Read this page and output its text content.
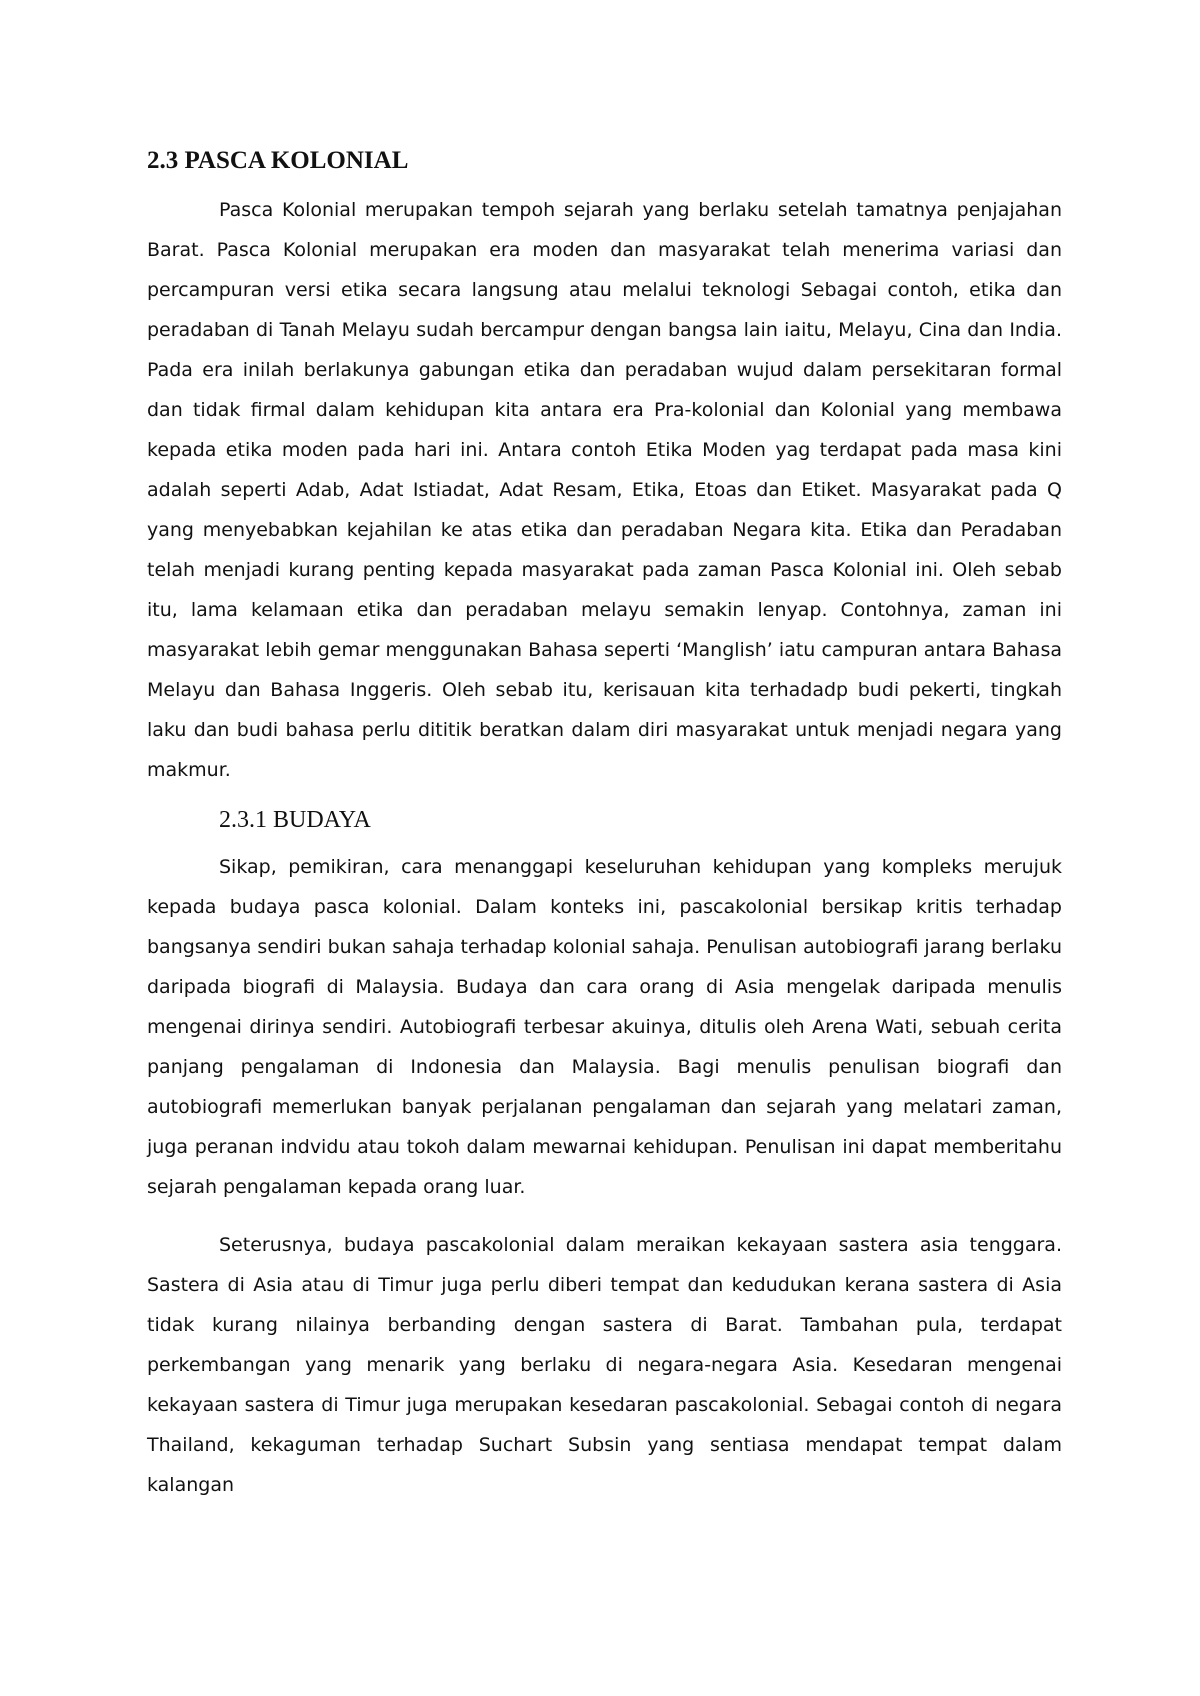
2.3 PASCA KOLONIAL

Pasca Kolonial merupakan tempoh sejarah yang berlaku setelah tamatnya penjajahan Barat. Pasca Kolonial merupakan era moden dan masyarakat telah menerima variasi dan percampuran versi etika secara langsung atau melalui teknologi Sebagai contoh, etika dan peradaban di Tanah Melayu sudah bercampur dengan bangsa lain iaitu, Melayu, Cina dan India. Pada era inilah berlakunya gabungan etika dan peradaban wujud dalam persekitaran formal dan tidak firmal dalam kehidupan kita antara era Pra-kolonial dan Kolonial yang membawa kepada etika moden pada hari ini. Antara contoh Etika Moden yag terdapat pada masa kini adalah seperti Adab, Adat Istiadat, Adat Resam, Etika, Etoas dan Etiket. Masyarakat pada Q yang menyebabkan kejahilan ke atas etika dan peradaban Negara kita. Etika dan Peradaban telah menjadi kurang penting kepada masyarakat pada zaman Pasca Kolonial ini. Oleh sebab itu, lama kelamaan etika dan peradaban melayu semakin lenyap. Contohnya, zaman ini masyarakat lebih gemar menggunakan Bahasa seperti ‘Manglish’ iatu campuran antara Bahasa Melayu dan Bahasa Inggeris. Oleh sebab itu, kerisauan kita terhadadp budi pekerti, tingkah laku dan budi bahasa perlu dititik beratkan dalam diri masyarakat untuk menjadi negara yang makmur.

2.3.1 BUDAYA

Sikap, pemikiran, cara menanggapi keseluruhan kehidupan yang kompleks merujuk kepada budaya pasca kolonial. Dalam konteks ini, pascakolonial bersikap kritis terhadap bangsanya sendiri bukan sahaja terhadap kolonial sahaja. Penulisan autobiografi jarang berlaku daripada biografi di Malaysia. Budaya dan cara orang di Asia mengelak daripada menulis mengenai dirinya sendiri. Autobiografi terbesar akuinya, ditulis oleh Arena Wati, sebuah cerita panjang pengalaman di Indonesia dan Malaysia. Bagi menulis penulisan biografi dan autobiografi memerlukan banyak perjalanan pengalaman dan sejarah yang melatari zaman, juga peranan indvidu atau tokoh dalam mewarnai kehidupan. Penulisan ini dapat memberitahu sejarah pengalaman kepada orang luar.

Seterusnya, budaya pascakolonial dalam meraikan kekayaan sastera asia tenggara. Sastera di Asia atau di Timur juga perlu diberi tempat dan kedudukan kerana sastera di Asia tidak kurang nilainya berbanding dengan sastera di Barat. Tambahan pula, terdapat perkembangan yang menarik yang berlaku di negara-negara Asia. Kesedaran mengenai kekayaan sastera di Timur juga merupakan kesedaran pascakolonial. Sebagai contoh di negara Thailand, kekaguman terhadap Suchart Subsin yang sentiasa mendapat tempat dalam kalangan
